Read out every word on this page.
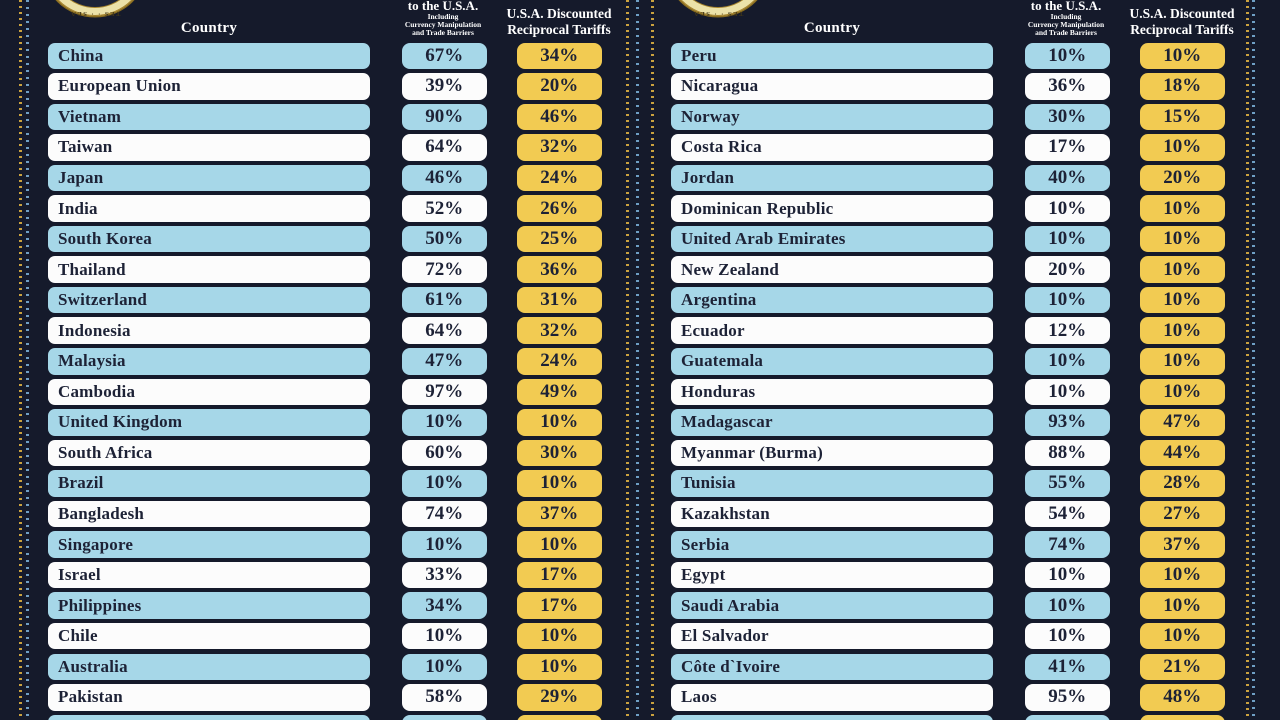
TES · · SEA
Country
to the U.S.A.
Including
Currency Manipulation
and Trade Barriers
U.S.A. Discounted
Reciprocal Tariffs
China	67%	34%
European Union	39%	20%
Vietnam	90%	46%
Taiwan	64%	32%
Japan	46%	24%
India	52%	26%
South Korea	50%	25%
Thailand	72%	36%
Switzerland	61%	31%
Indonesia	64%	32%
Malaysia	47%	24%
Cambodia	97%	49%
United Kingdom	10%	10%
South Africa	60%	30%
Brazil	10%	10%
Bangladesh	74%	37%
Singapore	10%	10%
Israel	33%	17%
Philippines	34%	17%
Chile	10%	10%
Australia	10%	10%
Pakistan	58%	29%
TES · · SEA
Country
to the U.S.A.
Including
Currency Manipulation
and Trade Barriers
U.S.A. Discounted
Reciprocal Tariffs
Peru	10%	10%
Nicaragua	36%	18%
Norway	30%	15%
Costa Rica	17%	10%
Jordan	40%	20%
Dominican Republic	10%	10%
United Arab Emirates	10%	10%
New Zealand	20%	10%
Argentina	10%	10%
Ecuador	12%	10%
Guatemala	10%	10%
Honduras	10%	10%
Madagascar	93%	47%
Myanmar (Burma)	88%	44%
Tunisia	55%	28%
Kazakhstan	54%	27%
Serbia	74%	37%
Egypt	10%	10%
Saudi Arabia	10%	10%
El Salvador	10%	10%
Côte d`Ivoire	41%	21%
Laos	95%	48%
